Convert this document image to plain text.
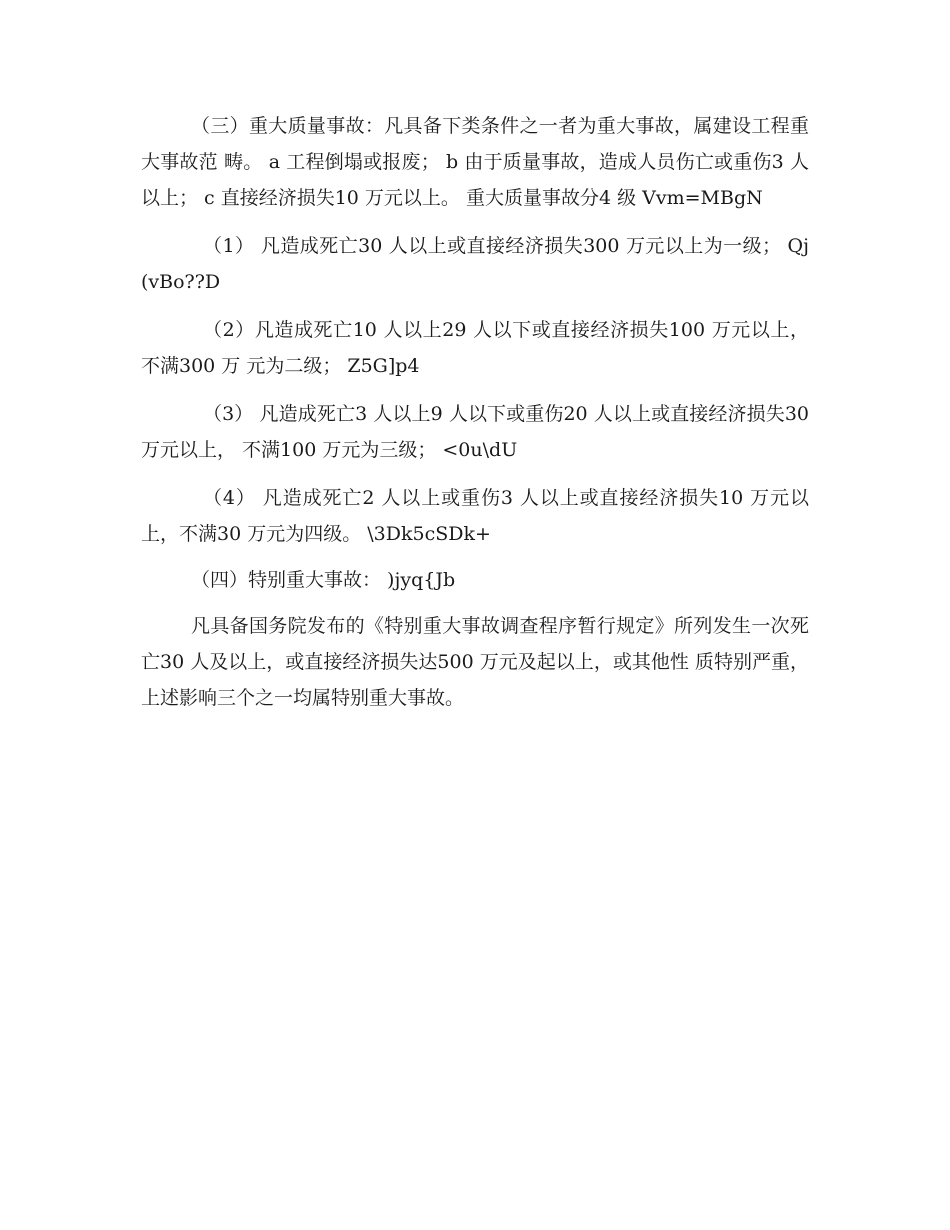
（三）重大质量事故：凡具备下类条件之一者为重大事故，属建设工程重大事故范 畴。 a 工程倒塌或报废； b 由于质量事故，造成人员伤亡或重伤3 人以上； c 直接经济损失10 万元以上。 重大质量事故分4 级 Vvm=MBgN

（1） 凡造成死亡30 人以上或直接经济损失300 万元以上为一级； Qj(vBo??D

（2）凡造成死亡10 人以上29 人以下或直接经济损失100 万元以上，不满300 万 元为二级； Z5G]p4

（3） 凡造成死亡3 人以上9 人以下或重伤20 人以上或直接经济损失30 万元以上， 不满100 万元为三级； <0u\dU

（4） 凡造成死亡2 人以上或重伤3 人以上或直接经济损失10 万元以上，不满30 万元为四级。 \3Dk5cSDk+

（四）特别重大事故： )jyq{Jb

凡具备国务院发布的《特别重大事故调查程序暂行规定》所列发生一次死亡30 人及以上，或直接经济损失达500 万元及起以上，或其他性 质特别严重，上述影响三个之一均属特别重大事故。
